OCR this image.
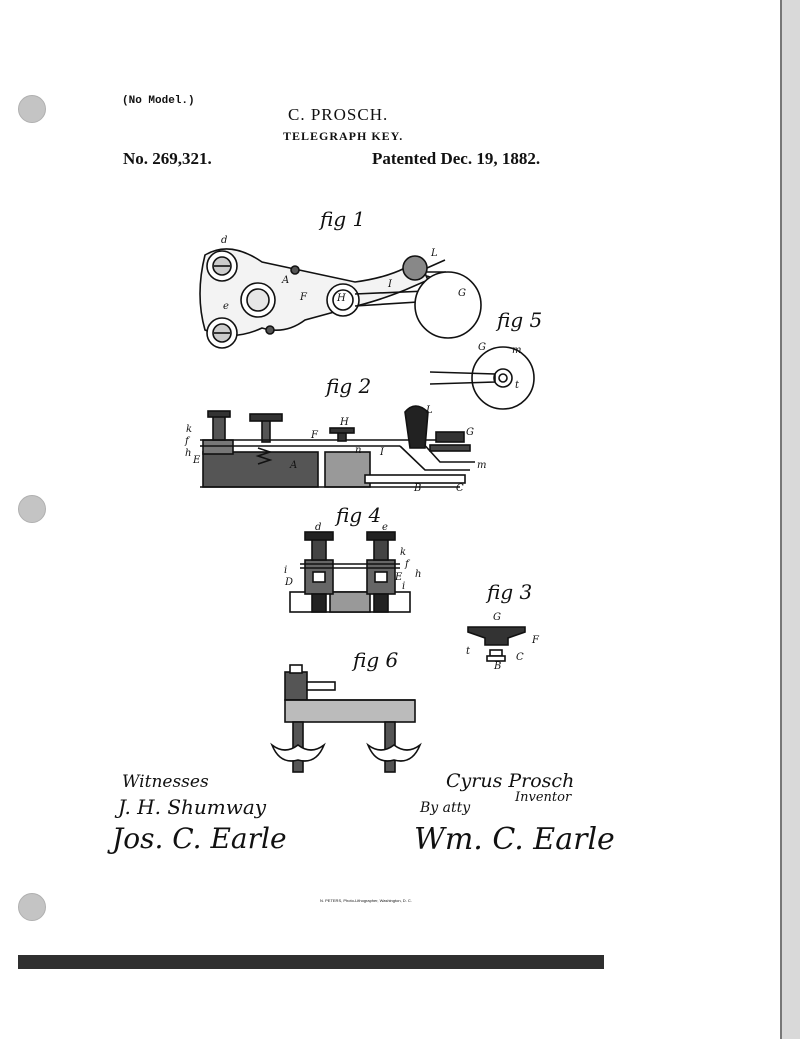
(No Model.)
C. PROSCH.
TELEGRAPH KEY.
No. 269,321.	Patented Dec. 19, 1882.
fig 1
fig 5
fig 2
fig 4
fig 3
fig 6
d
e
A
F	H
I
L
G
k
f
h
E
F
H
A
n I
L
G
m
B	C
d	e
i
D
k
f
h
E
i
G
F
t
C
B
G	m
t
Witnesses
J. H. Shumway
Jos. C. Earle
Cyrus Prosch
Inventor
By atty
Wm. C. Earle
N. PETERS, Photo-Lithographer, Washington, D. C.
